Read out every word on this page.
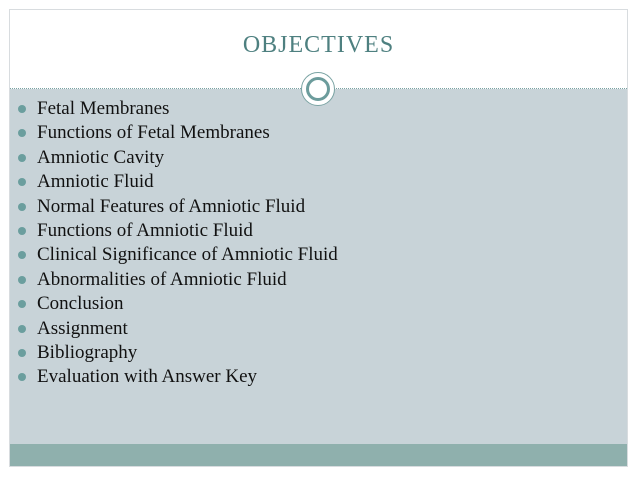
OBJECTIVES
Fetal Membranes
Functions of Fetal Membranes
Amniotic Cavity
Amniotic Fluid
Normal Features of Amniotic Fluid
Functions of Amniotic Fluid
Clinical Significance of Amniotic Fluid
Abnormalities of Amniotic Fluid
Conclusion
Assignment
Bibliography
Evaluation with Answer Key
